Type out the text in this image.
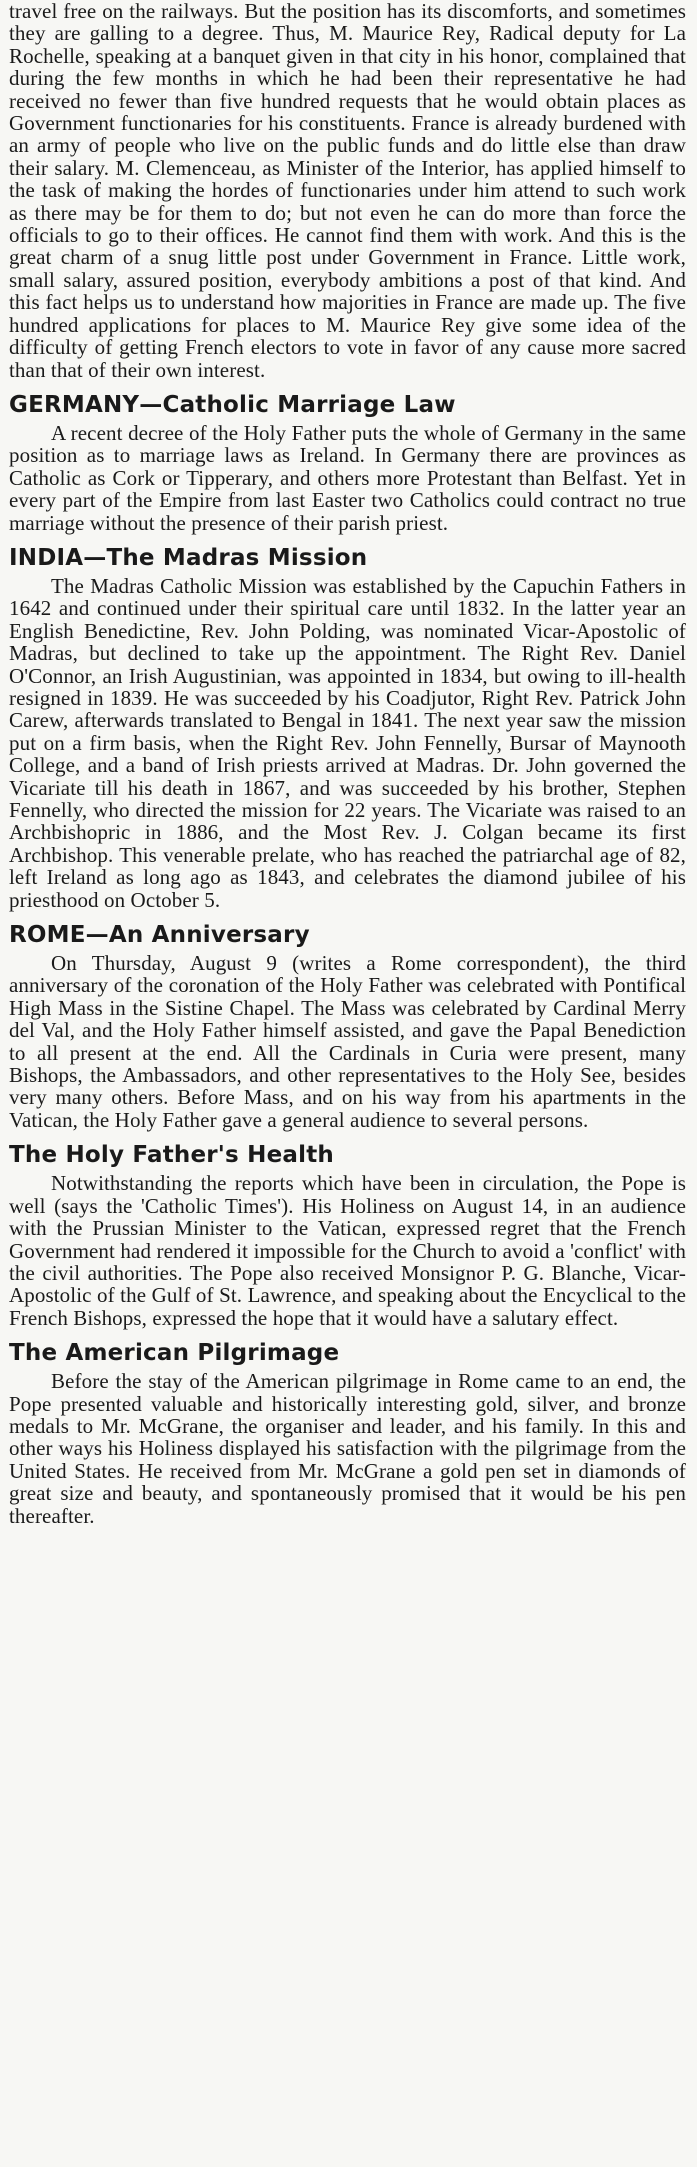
travel free on the railways. But the position has its discomforts, and sometimes they are galling to a degree. Thus, M. Maurice Rey, Radical deputy for La Rochelle, speaking at a banquet given in that city in his honor, complained that during the few months in which he had been their representative he had received no fewer than five hundred requests that he would obtain places as Government functionaries for his constituents. France is already burdened with an army of people who live on the public funds and do little else than draw their salary. M. Clemenceau, as Minister of the Interior, has applied himself to the task of making the hordes of functionaries under him attend to such work as there may be for them to do; but not even he can do more than force the officials to go to their offices. He cannot find them with work. And this is the great charm of a snug little post under Government in France. Little work, small salary, assured position, everybody ambitions a post of that kind. And this fact helps us to understand how majorities in France are made up. The five hundred applications for places to M. Maurice Rey give some idea of the difficulty of getting French electors to vote in favor of any cause more sacred than that of their own interest.

GERMANY—Catholic Marriage Law

A recent decree of the Holy Father puts the whole of Germany in the same position as to marriage laws as Ireland. In Germany there are provinces as Catholic as Cork or Tipperary, and others more Protestant than Belfast. Yet in every part of the Empire from last Easter two Catholics could contract no true marriage without the presence of their parish priest.

INDIA—The Madras Mission

The Madras Catholic Mission was established by the Capuchin Fathers in 1642 and continued under their spiritual care until 1832. In the latter year an English Benedictine, Rev. John Polding, was nominated Vicar-Apostolic of Madras, but declined to take up the appointment. The Right Rev. Daniel O'Connor, an Irish Augustinian, was appointed in 1834, but owing to ill-health resigned in 1839. He was succeeded by his Coadjutor, Right Rev. Patrick John Carew, afterwards translated to Bengal in 1841. The next year saw the mission put on a firm basis, when the Right Rev. John Fennelly, Bursar of Maynooth College, and a band of Irish priests arrived at Madras. Dr. John governed the Vicariate till his death in 1867, and was succeeded by his brother, Stephen Fennelly, who directed the mission for 22 years. The Vicariate was raised to an Archbishopric in 1886, and the Most Rev. J. Colgan became its first Archbishop. This venerable prelate, who has reached the patriarchal age of 82, left Ireland as long ago as 1843, and celebrates the diamond jubilee of his priesthood on October 5.

ROME—An Anniversary

On Thursday, August 9 (writes a Rome correspondent), the third anniversary of the coronation of the Holy Father was celebrated with Pontifical High Mass in the Sistine Chapel. The Mass was celebrated by Cardinal Merry del Val, and the Holy Father himself assisted, and gave the Papal Benediction to all present at the end. All the Cardinals in Curia were present, many Bishops, the Ambassadors, and other representatives to the Holy See, besides very many others. Before Mass, and on his way from his apartments in the Vatican, the Holy Father gave a general audience to several persons.

The Holy Father's Health

Notwithstanding the reports which have been in circulation, the Pope is well (says the 'Catholic Times'). His Holiness on August 14, in an audience with the Prussian Minister to the Vatican, expressed regret that the French Government had rendered it impossible for the Church to avoid a 'conflict' with the civil authorities. The Pope also received Monsignor P. G. Blanche, Vicar-Apostolic of the Gulf of St. Lawrence, and speaking about the Encyclical to the French Bishops, expressed the hope that it would have a salutary effect.

The American Pilgrimage

Before the stay of the American pilgrimage in Rome came to an end, the Pope presented valuable and historically interesting gold, silver, and bronze medals to Mr. McGrane, the organiser and leader, and his family. In this and other ways his Holiness displayed his satisfaction with the pilgrimage from the United States. He received from Mr. McGrane a gold pen set in diamonds of great size and beauty, and spontaneously promised that it would be his pen thereafter.
